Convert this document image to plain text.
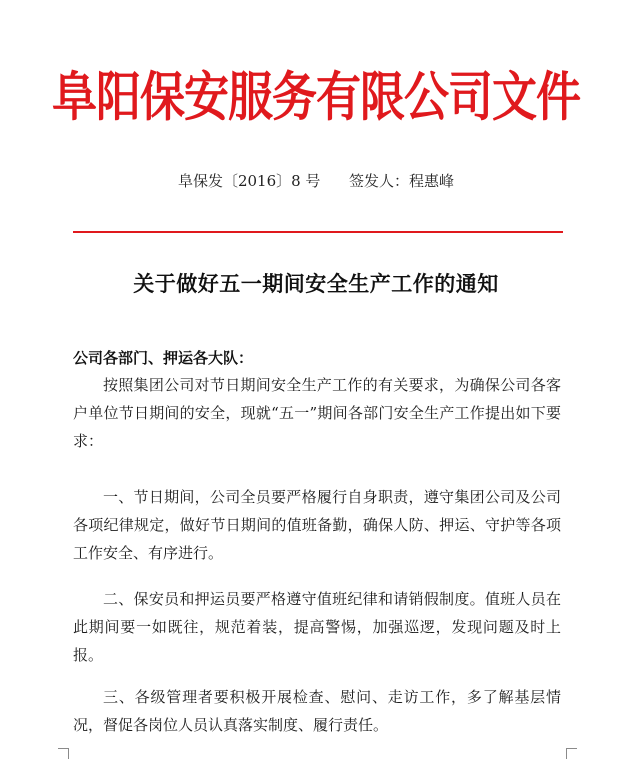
阜阳保安服务有限公司文件
阜保发〔2016〕8 号      签发人：程惠峰
关于做好五一期间安全生产工作的通知
公司各部门、押运各大队：

按照集团公司对节日期间安全生产工作的有关要求，为确保公司各客户单位节日期间的安全，现就“五一”期间各部门安全生产工作提出如下要求：

一、节日期间，公司全员要严格履行自身职责，遵守集团公司及公司各项纪律规定，做好节日期间的值班备勤，确保人防、押运、守护等各项工作安全、有序进行。

二、保安员和押运员要严格遵守值班纪律和请销假制度。值班人员在此期间要一如既往，规范着装，提高警惕，加强巡逻，发现问题及时上报。

三、各级管理者要积极开展检查、慰问、走访工作，多了解基层情况，督促各岗位人员认真落实制度、履行责任。
